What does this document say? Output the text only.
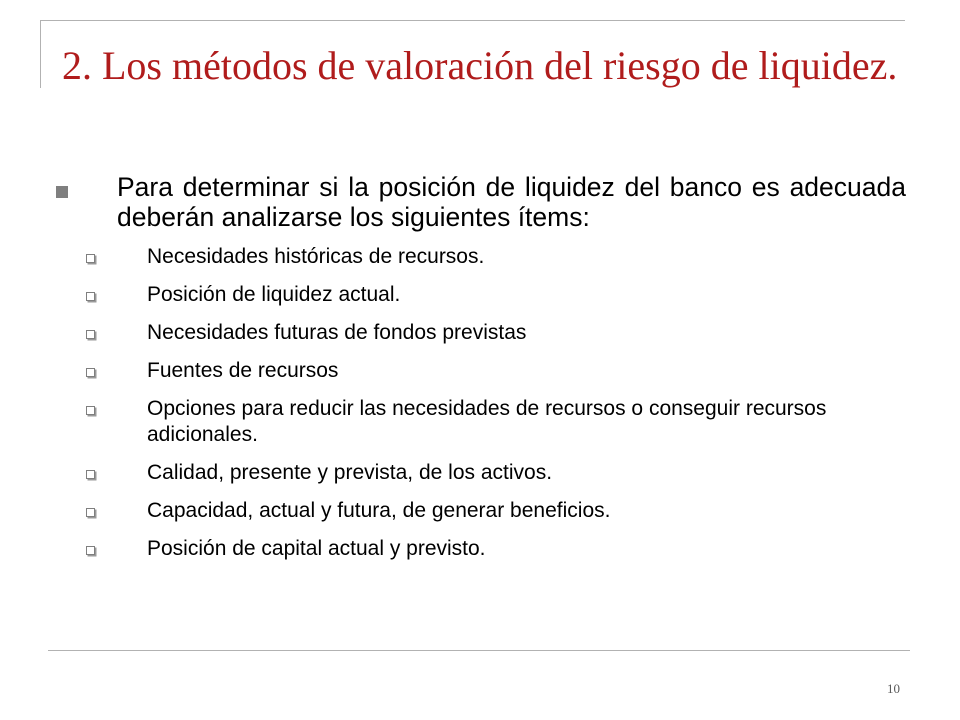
2. Los métodos de valoración del riesgo de liquidez.
Para determinar si la posición de liquidez del banco es adecuada deberán analizarse los siguientes ítems:
Necesidades históricas de recursos.
Posición de liquidez actual.
Necesidades futuras de fondos previstas
Fuentes de recursos
Opciones para reducir las necesidades de recursos o conseguir recursos adicionales.
Calidad, presente y prevista, de los activos.
Capacidad, actual y futura, de generar beneficios.
Posición de capital actual y previsto.
10
